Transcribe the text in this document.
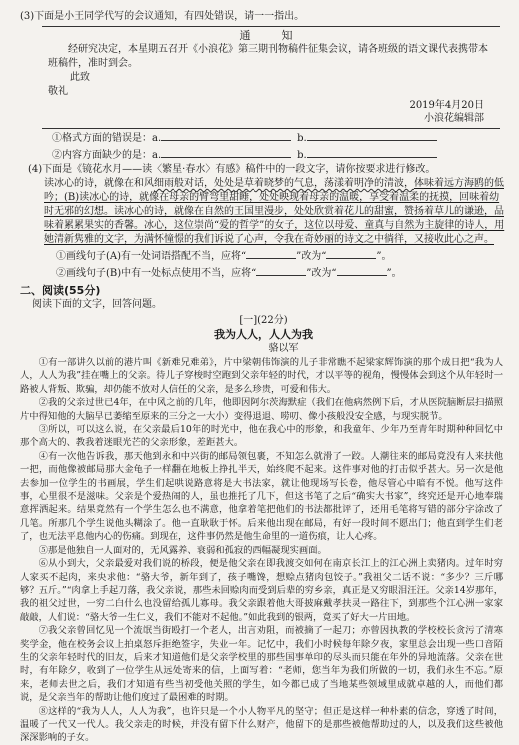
(3)下面是小王同学代写的会议通知，有四处错误，请一一指出。
通　知
经研究决定，本星期五召开《小浪花》第三期刊物稿件征集会议，请各班级的语文课代表携带本班稿件，准时到会。
此致
敬礼
2019年4月20日
小浪花编辑部
①格式方面的错误是：a.	b.
②内容方面缺少的是：a.	b.
(4)下面是《镜花水月——读〈繁星·春水〉有感》稿件中的一段文字，请你按要求进行修改。
读冰心的诗，就像在和风细雨般对话，处处是草着晓梦的气息，荡漾着明净的清波，体味着远方海鸥的低吟；(B)读冰心的诗，就像在母亲的臂弯里甜睡，处处映现着母亲的温暖，享受着温柔的抚摸，回味着幼时无邪的幻想。读冰心的诗，就像在自然的王国里漫步，处处欣赏着花儿的甜蜜，赞扬着草儿的谦逊，品味着累累果实的香馨。冰心，这位崇尚“爱的哲学”的女子，这位以母爱、童真与自然为主旋律的诗人，用她清新隽雅的文字，为满怀憧憬的我们诉说了心声，令我在奇妙丽的诗文之中徜徉，又接收此心之声。
①画线句子(A)有一处词语搭配不当，应将“	”改为“	”。
②画线句子(B)中有一处标点使用不当，应将“	”改为“	”。
二、阅读(55分)
阅读下面的文字，回答问题。
[一](22分)
我为人人，人人为我
骆以军

①有一部讲久以前的港片叫《新难兄难弟》，片中梁朝伟饰演的儿子非常瞧不起梁家辉饰演的那个成日把“我为人人，人人为我”挂在嘴上的父亲。待儿子穿梭时空跑到父亲年轻的时代，才以平等的视角，慢慢体会到这个从年轻时一路被人背叛、欺骗，却仍能不放对人信任的父亲，是多么珍贵，可爱和伟大。

②我的父亲过世已4年，在中风之前的几年，他即因阿尔茨海默症（我们在他病然例下后，才从医院脑断层扫描照片中得知他的大脑早已萎缩至原来的三分之一大小）变得退退、唠叨、像小孩般没安全感，与现实脱节。

③所以，可以这么说，在父亲最后10年的时光中，他在我心中的形象，和我童年、少年乃至青年时期种种回忆中那个高大的、教我着迷眼光芒的父亲形象，差距甚大。

④有一次他告诉我，那天他到永和中兴街的邮局领包裹，不知怎么就滑了一跤。人潮往来的邮局竟没有人来扶他一把，而他像被邮局那大金龟子一样翻在地板上挣扎半天，始终爬不起来。这件事对他的打击似乎甚大。另一次是他去参加一位学生的书画展，学生们起哄说路意将是大书法家，就让他现场写长卷，他尽管心中暗有不悦。他写这件事，心里很不是滋味。父亲是个爱热闹的人，虽也推托了几下，但这书笔了之后“确实大书家”，终究还是开心地奉瑞意挥洒起来。结果竟然有一个学生怎么也不满意，他拿着笔把他们的书法都批评了，还用毛笔将写错的部分字涂改了几笔。所那几个学生说他头糊涂了。他一直耿耿于怀。后来他出现在邮局，有好一段时间不愿出门；他直到学生们老了，也无法平息他内心的伤痛。到现在，这件事仍然是他生命里的一道伤痕，让人心疼。

⑤那是他独自一人面对的，无风露养、衰弱和孤寂的西幅凝现实画面。

⑥从小到大，父亲最爱对我们说的桥段，便是他父亲在即我渡交如何在南京长江上的江心洲上卖猪肉。过年时穷人家买不起肉，来央求他：“骆大爷，新年到了，孩子嘴馋，想赊点猪肉包饺子。”我祖父二话不说：“多少？三斤哪够？五斤。”“肉拿上手起刀落，我父亲说，那些未回赊肉而受到后辈的穷乡亲，真正是又穷眼泪汪汪。父亲14岁那年，我的祖父过世，一穷二白什么也没留给孤儿寡母。我父亲跟着他大哥披麻戴孝扶灵一路往下，到那些个江心洲一家家敲敲，人们说：“骆大爷一生仁义，我们不能对不起他。”如此我到的银两，竟买了好大一片田地。

⑦我父亲曾回忆见一个流氓当街殴打一个老人，出言劝阻，而被摘了一起刀；亦曾因执教的学校校长贪污了清寒奖学金，他在校务会议上拍桌怒斥拒绝签字，失业一年。记忆中，我们小时候每年除夕夜，家里总会出现一些口音陌生的父亲年轻时代的旧友，后来才知道他们是父亲学校里的那些国事单印的尽头而只能在年外的异地流落。父亲在世时，有年除夕，收到了一位学生从远处寄来的信，上面写着：“老师，您当年为我们所做的一切，我们永生不忘。”原来，老师去世之后，我们才知道有些当初受他关照的学生，如今都已成了当地某些领域里成就卓越的人，而他们都说，是父亲当年的帮助让他们度过了最困难的时期。

⑧这样的“我为人人，人人为我”，也许只是一个小人物平凡的坚守；但正是这样一种朴素的信念，穿透了时间，温暖了一代又一代人。我父亲走的时候，并没有留下什么财产，他留下的是那些被他帮助过的人，以及我们这些被他深深影响的子女。
